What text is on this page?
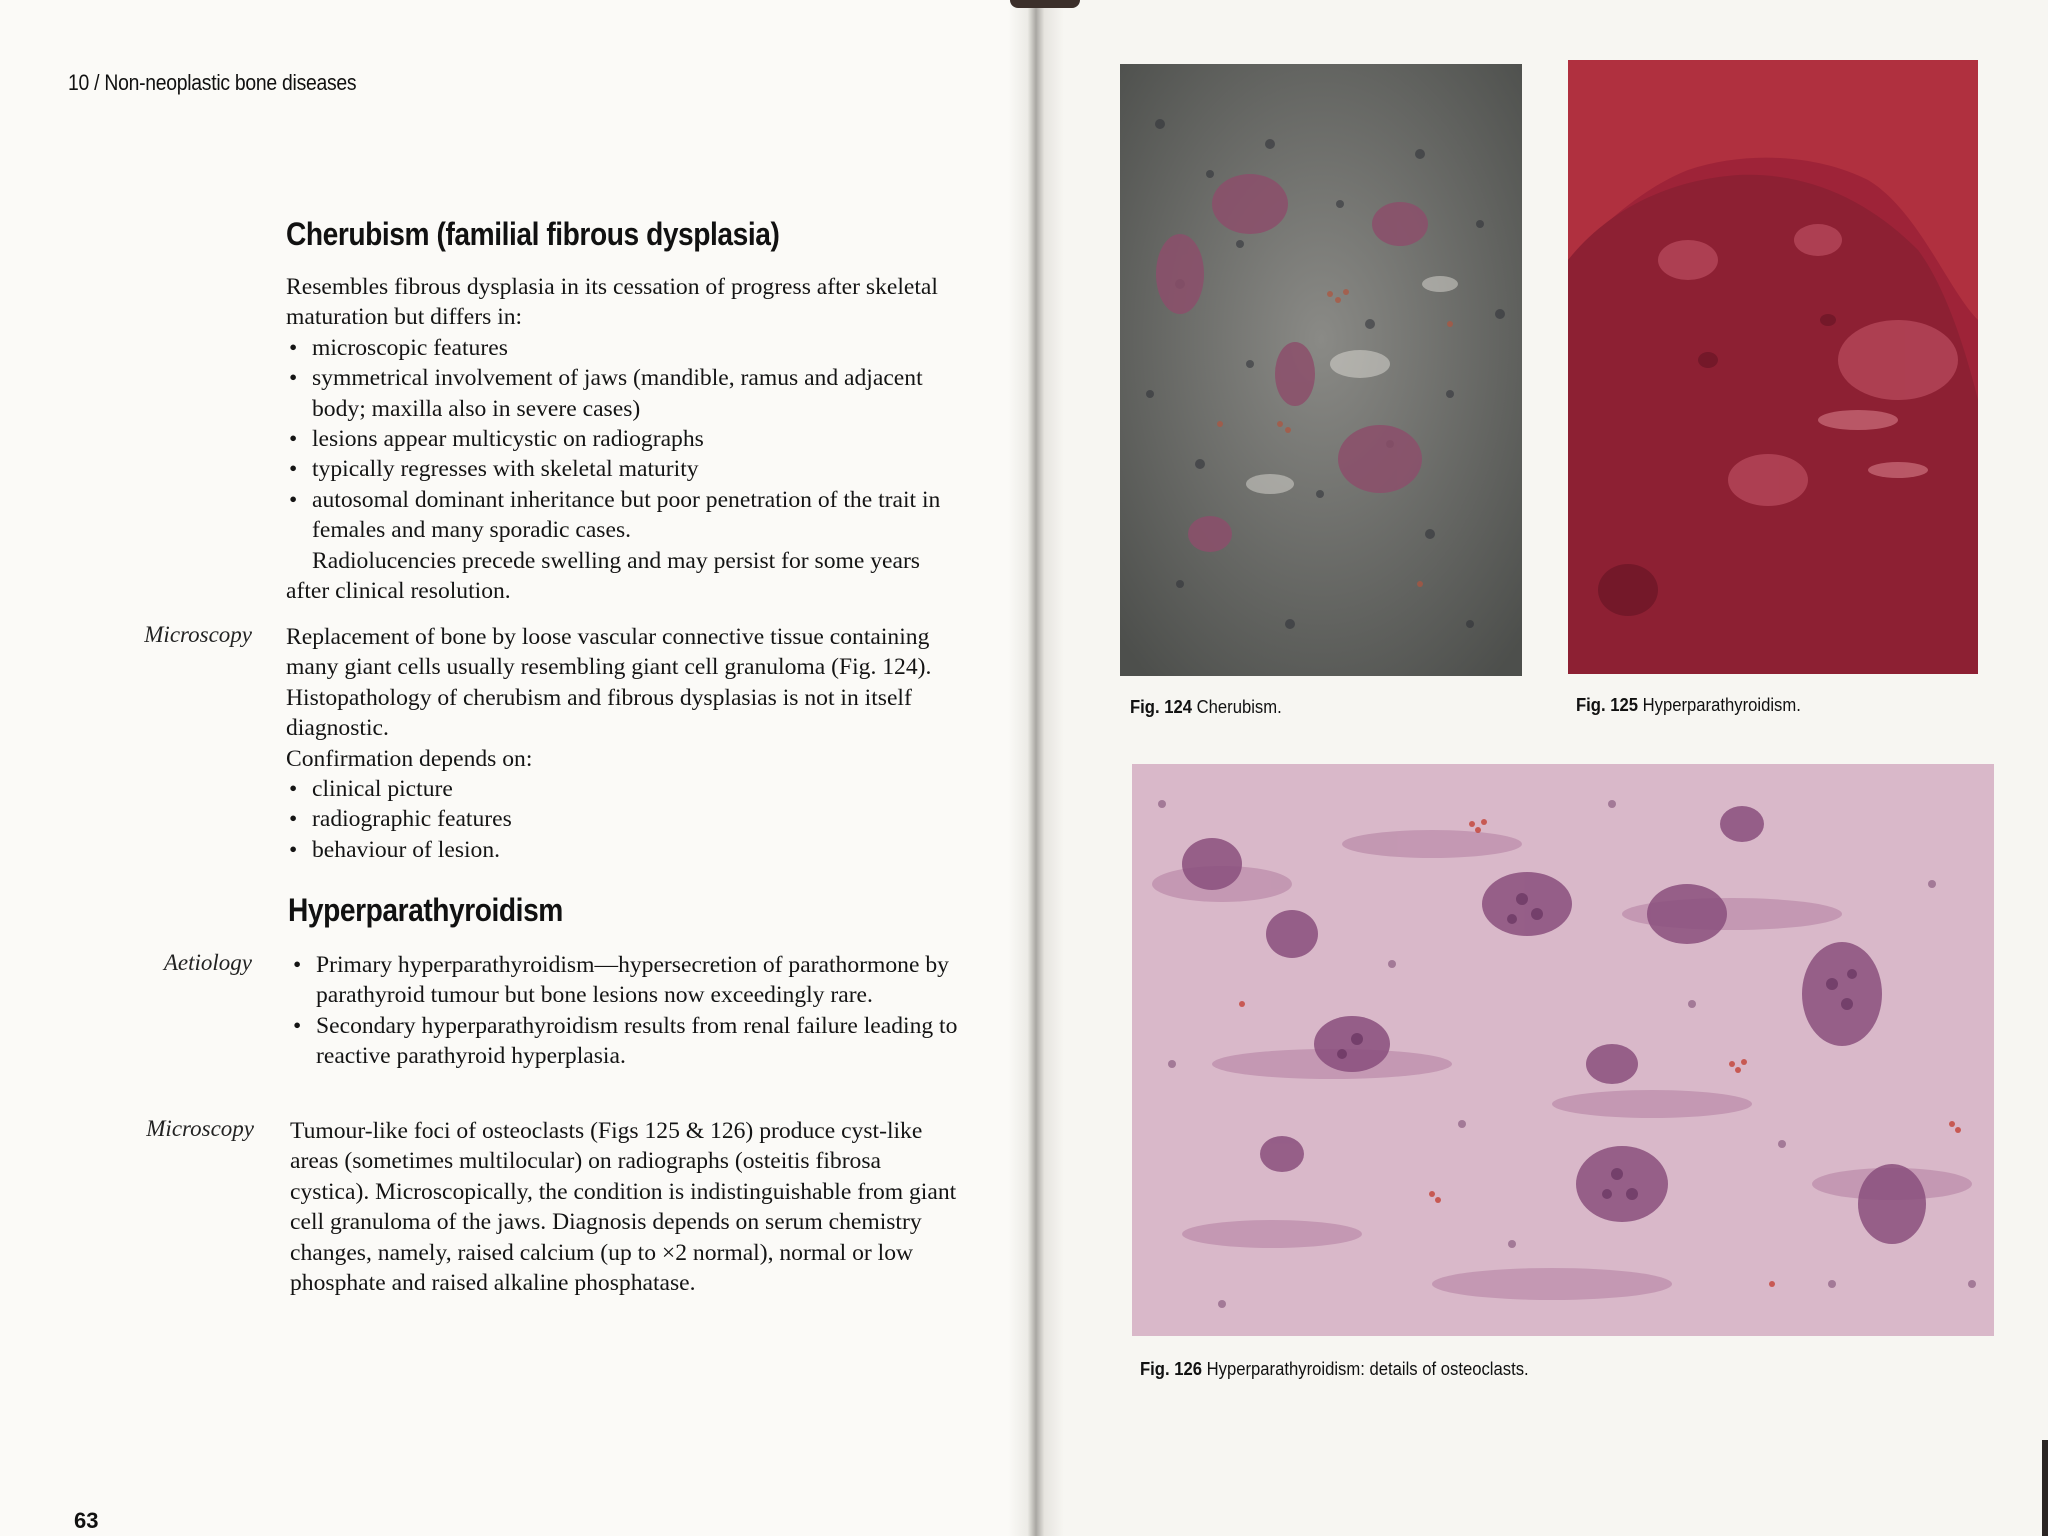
10 / Non-neoplastic bone diseases
Cherubism (familial fibrous dysplasia)

Resembles fibrous dysplasia in its cessation of progress after skeletal maturation but differs in:

• microscopic features
• symmetrical involvement of jaws (mandible, ramus and adjacent body; maxilla also in severe cases)
• lesions appear multicystic on radiographs
• typically regresses with skeletal maturity
• autosomal dominant inheritance but poor penetration of the trait in females and many sporadic cases.

Radiolucencies precede swelling and may persist for some years after clinical resolution.

Microscopy Replacement of bone by loose vascular connective tissue containing many giant cells usually resembling giant cell granuloma (Fig. 124). Histopathology of cherubism and fibrous dysplasias is not in itself diagnostic.

Confirmation depends on:

• clinical picture
• radiographic features
• behaviour of lesion.
Hyperparathyroidism
Aetiology
•	Primary hyperparathyroidism—hypersecretion of parathormone by parathyroid tumour but bone lesions now exceedingly rare.
• Secondary hyperparathyroidism results from renal failure leading to reactive parathyroid hyperplasia.
Microscopy Tumour-like foci of osteoclasts (Figs 125 & 126) produce cyst-like areas (sometimes multilocular) on radiographs (osteitis fibrosa cystica). Microscopically, the condition is indistinguishable from giant cell granuloma of the jaws. Diagnosis depends on serum chemistry changes, namely, raised calcium (up to ×2 normal), normal or low phosphate and raised alkaline phosphatase.

63
Fig. 124 Cherubism.	Fig. 125 Hyperparathyroidism.
Fig. 126 Hyperparathyroidism: details of osteoclasts.
